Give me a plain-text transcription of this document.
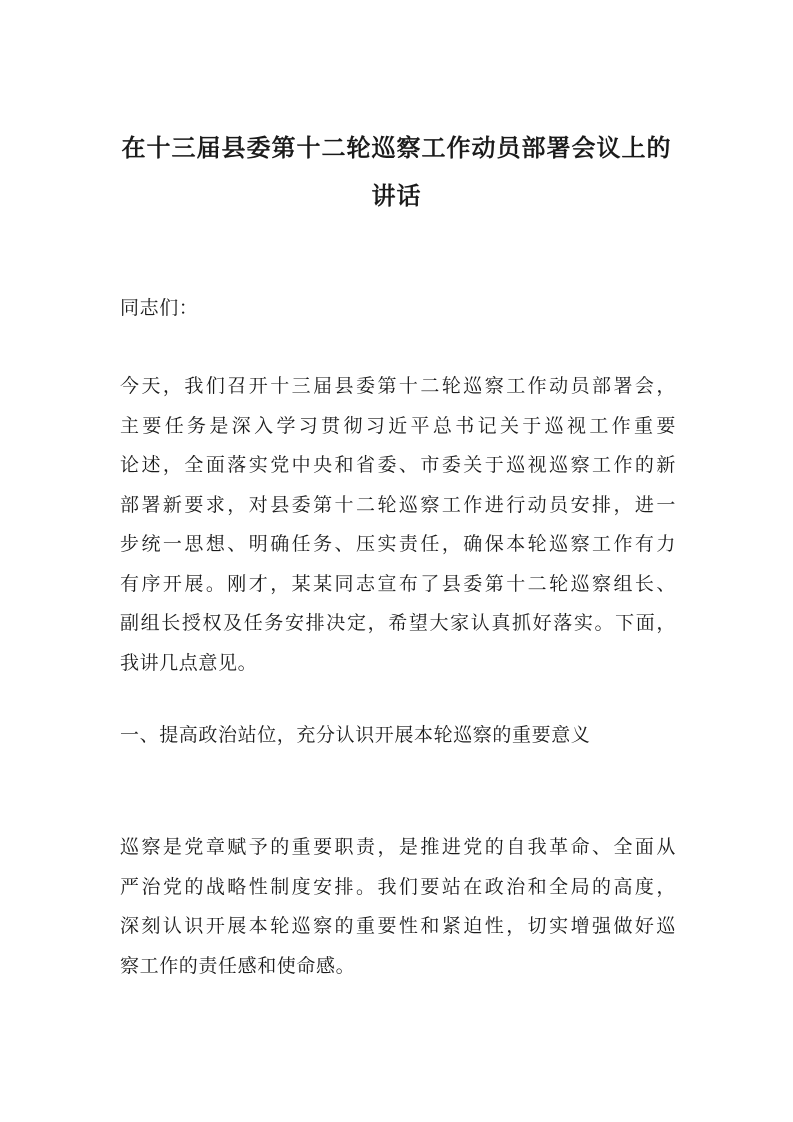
在十三届县委第十二轮巡察工作动员部署会议上的
讲话

同志们：

今天，我们召开十三届县委第十二轮巡察工作动员部署会，
主要任务是深入学习贯彻习近平总书记关于巡视工作重要
论述，全面落实党中央和省委、市委关于巡视巡察工作的新
部署新要求，对县委第十二轮巡察工作进行动员安排，进一
步统一思想、明确任务、压实责任，确保本轮巡察工作有力
有序开展。刚才，某某同志宣布了县委第十二轮巡察组长、
副组长授权及任务安排决定，希望大家认真抓好落实。下面，
我讲几点意见。

一、提高政治站位，充分认识开展本轮巡察的重要意义

巡察是党章赋予的重要职责，是推进党的自我革命、全面从
严治党的战略性制度安排。我们要站在政治和全局的高度，
深刻认识开展本轮巡察的重要性和紧迫性，切实增强做好巡
察工作的责任感和使命感。
